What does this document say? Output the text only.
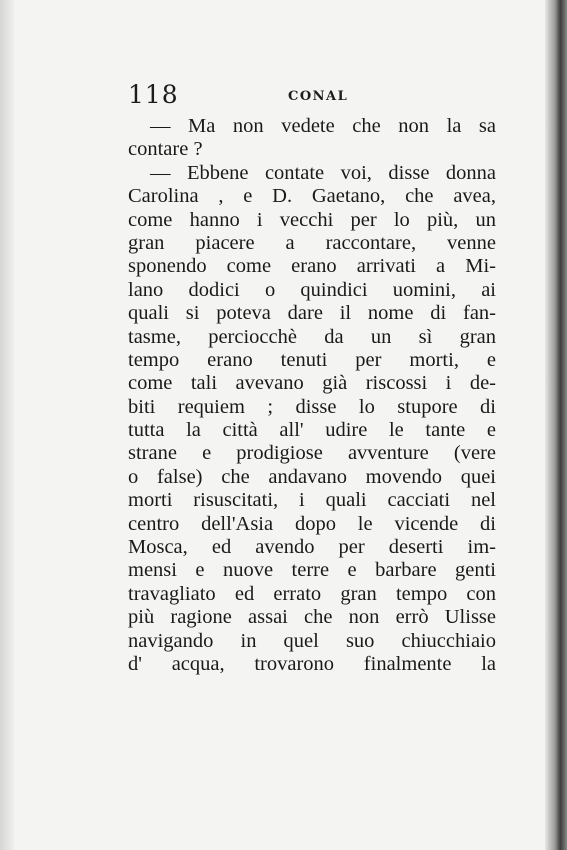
118	CONAL
— Ma non vedete che non la sa
contare ?
— Ebbene contate voi, disse donna
Carolina , e D. Gaetano, che avea,
come hanno i vecchi per lo più, un
gran piacere a raccontare, venne
sponendo come erano arrivati a Mi-
lano dodici o quindici uomini, ai
quali si poteva dare il nome di fan-
tasme, perciocchè da un sì gran
tempo erano tenuti per morti, e
come tali avevano già riscossi i de-
biti requiem ; disse lo stupore di
tutta la città all' udire le tante e
strane e prodigiose avventure (vere
o false) che andavano movendo quei
morti risuscitati, i quali cacciati nel
centro dell'Asia dopo le vicende di
Mosca, ed avendo per deserti im-
mensi e nuove terre e barbare genti
travagliato ed errato gran tempo con
più ragione assai che non errò Ulisse
navigando in quel suo chiucchiaio
d' acqua, trovarono finalmente la
